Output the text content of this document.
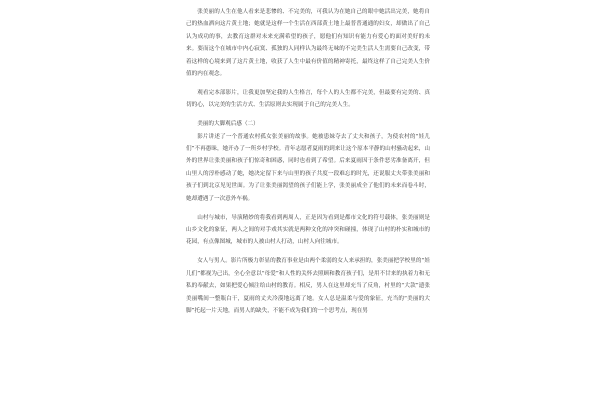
张美丽的人生在他人看来是悲惨的、不完美的，可我认为在她自己的眼中她活出完美，她将自己的热血洒向这片黄土地；她就是这样一个生活在西部黄土地上最普普通通的妇女，却做出了自己认为成功的事，去教育这群对未来充满希望的孩子，愿他们有知识有能力有爱心的面对美好的未来。要而这个在城市中内心寂寞、孤独的人同样认为最终无味的不完美生活人生需要自己改变，带着这样的心境来到了这片黄土地，收获了人生中最有价值的精神寄托，最终这样了自己完美人生价值的内在观念。

观看完本部影片，让我更加坚定我的人生格言，每个人的人生都不完美，但最要有完美的、真切的心，以完美的生活方式、生活原则去实现属于自己的完美人生。

美丽的大脚观后感（二）

影片讲述了一个普通农村孤女张美丽的故事。她被患妹夺去了丈夫和孩子，为使农村的“娃儿们”不再愚昧，她开办了一所乡村学校。青年志愿者夏雨的到来让这个原本平静的山村骚动起来，山外的世界让张美丽和孩子们惊奇和困惑，同时也看到了希望。后来夏雨因于条件恶劣准备离开，但山里人的淳朴感动了她，她决定留下来与山里的孩子共度一段难忘的时光，还说服丈夫带张美丽和孩子们到北京见见世面。为了让张美丽渴望的孩子们能上学，张美丽成全了他们的未来而卷斗时，她却遭遇了一次意外车祸。

山村与城市，导演精妙的将我看到两周人，正是因为看到是都市文化的符号载体，张美丽则是山乡文化的象征，两人之间的对手戏其实就是两种文化的冲突和碰撞，体现了山村的朴实和城市的花园，有点像图城，城市的人被山村人打动，山村人向往城市。

女人与男人。影片所极力彰显的教育事业是由两个柔弱的女人来承担的，张美丽把学校里的“娃儿们”都视为己出，全心全意以“母爱”和人性的关怀去照顾和教育孩子们，是用不甘来的执着力和无私的奉献去，如果把爱心倾注给山村的教育。相反，男人在这里却充当了反角，村里的“大款”遗张美丽嘴间一整瓶白干，夏雨的丈夫冷漠地远离了她。女人总是温柔与爱的象征，充当的“美丽的大脚”托起一片天地，而男人的缺失，不能不成为我们的一个思考点，现在男
